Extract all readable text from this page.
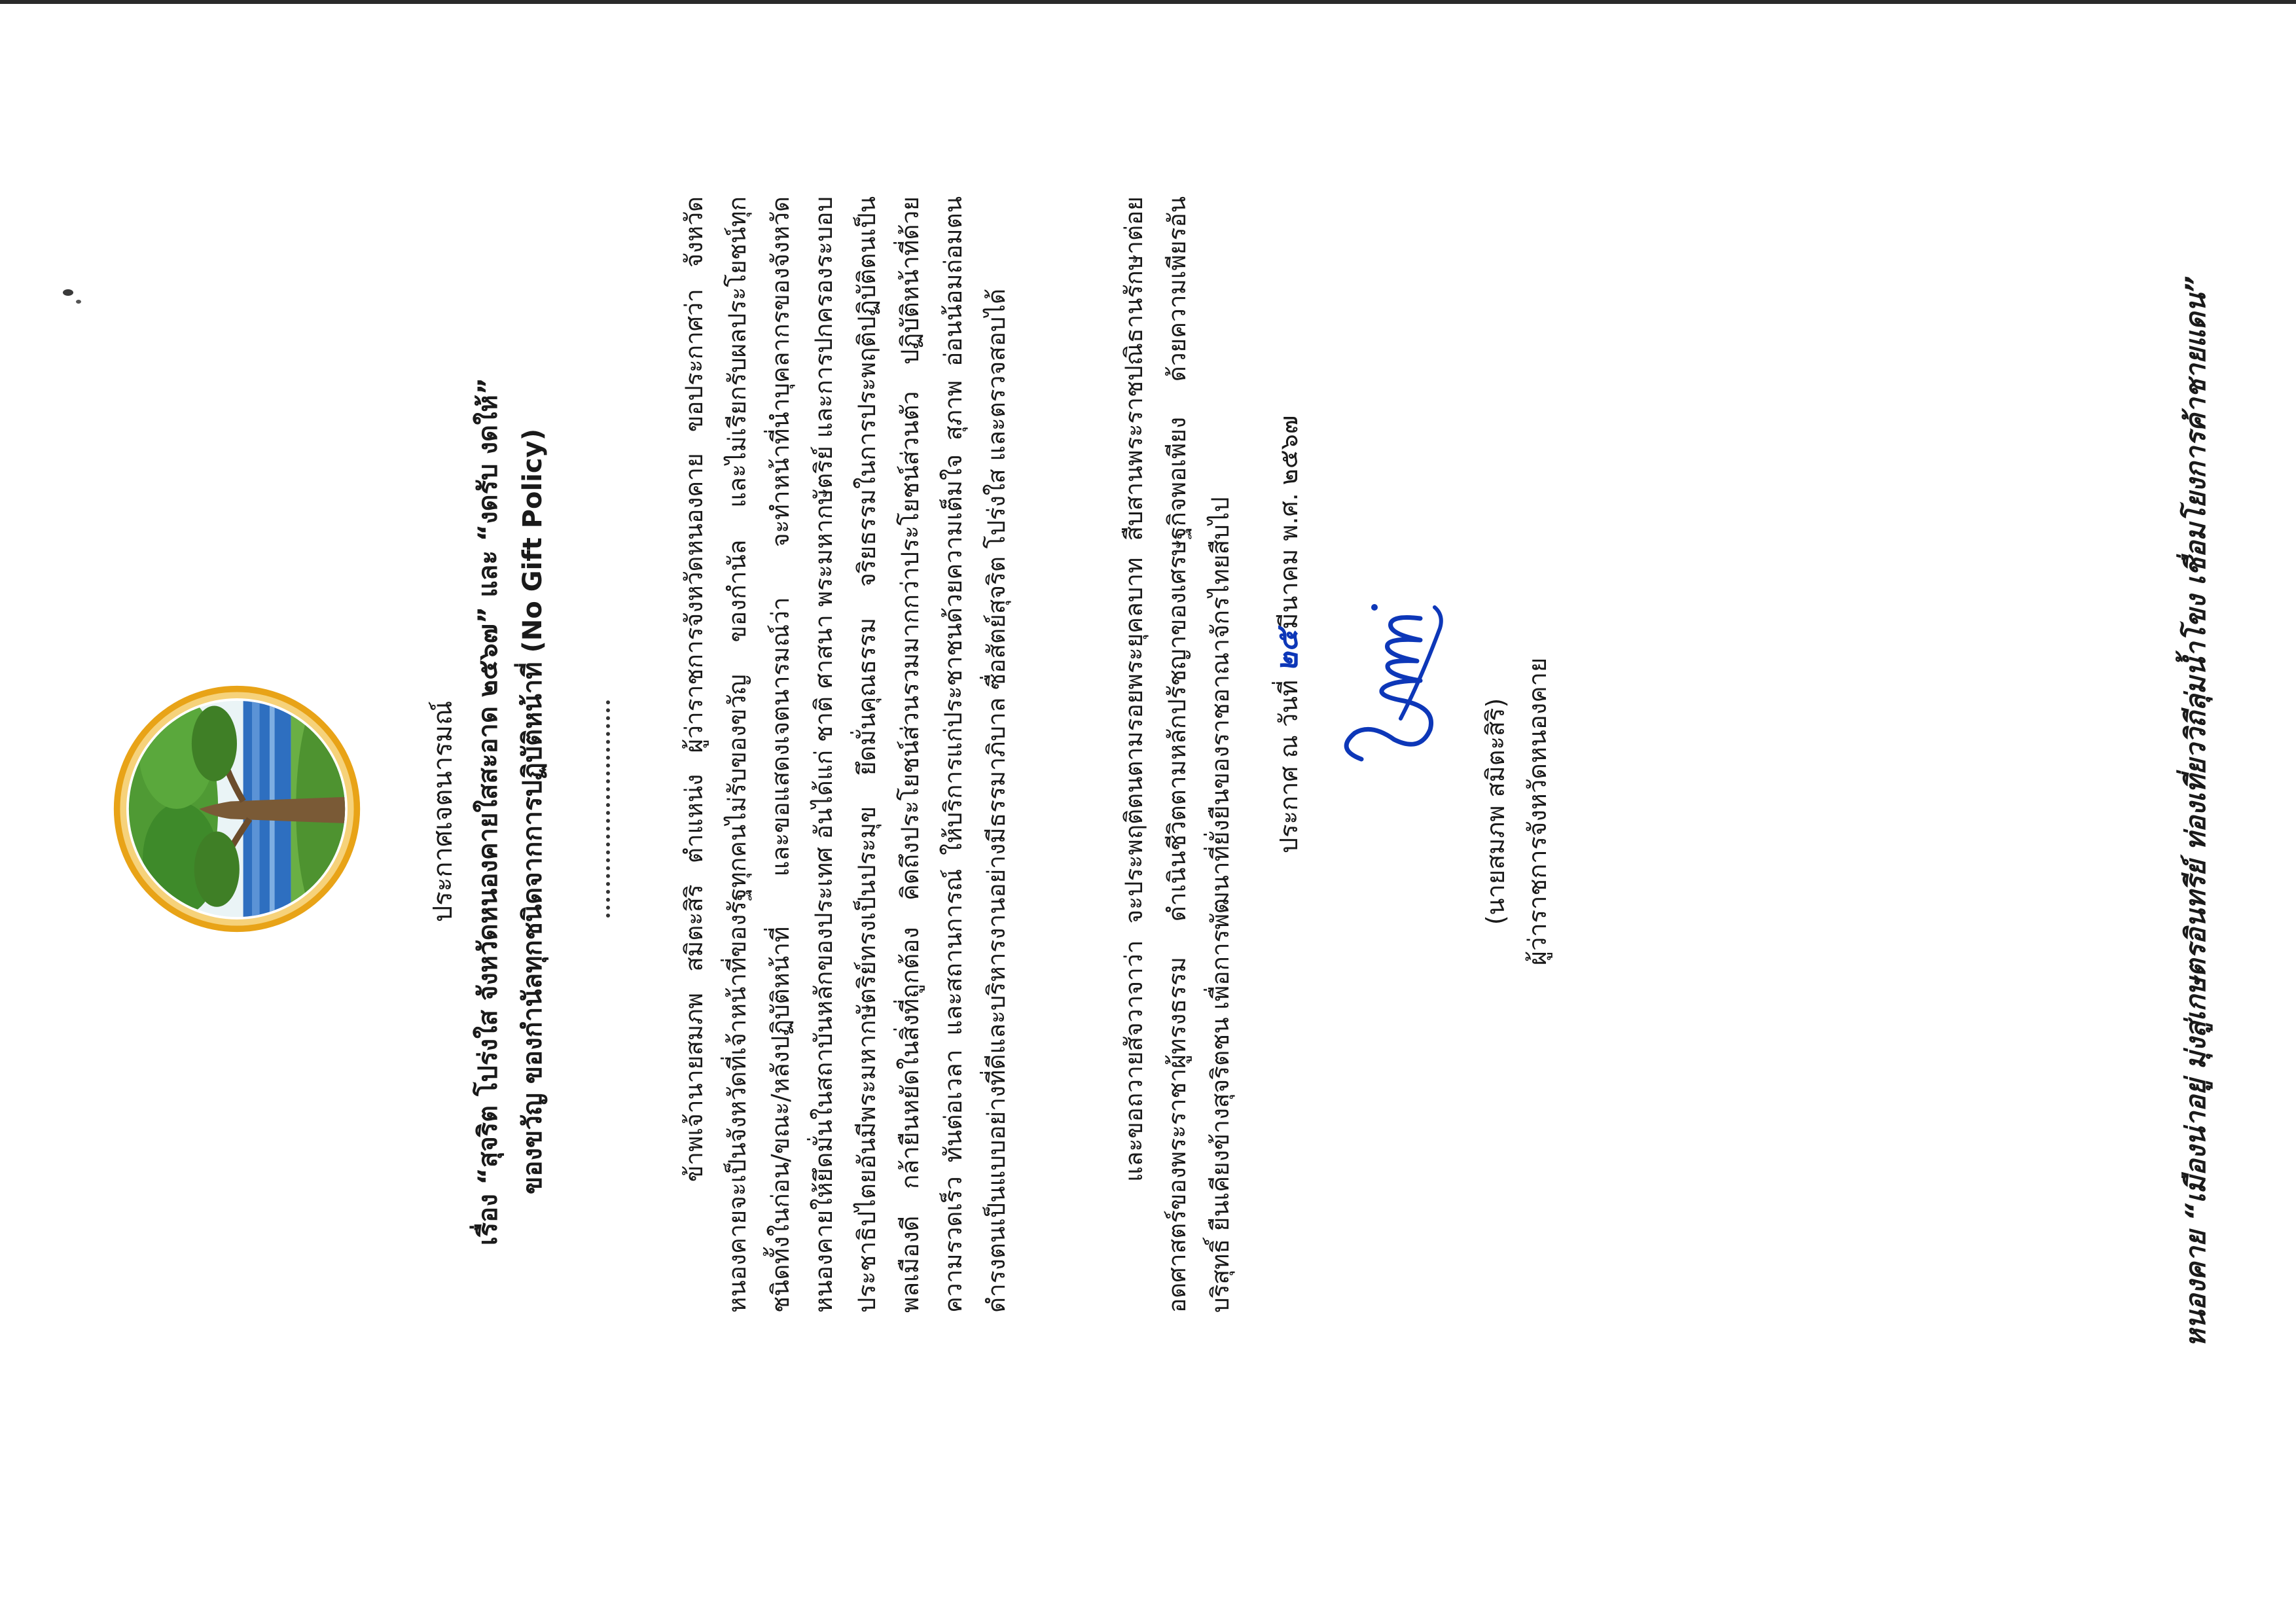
ประกาศเจตนารมณ์ เรื่อง “สุจริต โปร่งใส จังหวัดหนองคายใสสะอาด ๒๕๖๗” และ “งดรับ งดให้” ของขวัญ ของกำนัลทุกชนิดจากการปฏิบัติหน้าที่ (No Gift Policy)	ข้าพเจ้านายสมภพ สมิตะสิริ ตำแหน่ง ผู้ว่าราชการจังหวัดหนองคาย ขอประกาศว่า จังหวัดหนองคายจะเป็นจังหวัดที่เจ้าหน้าที่ของรัฐทุกคนไม่รับของขวัญ ของกำนัล และไม่เรียกรับผลประโยชน์ทุกชนิดทั้งในก่อน/ขณะ/หลังปฏิบัติหน้าที่ และขอแสดงเจตนารมณ์ว่า จะทำหน้าที่นำบุคลากรของจังหวัดหนองคายให้ยึดมั่นในสถาบันหลักของประเทศ อันได้แก่ ชาติ ศาสนา พระมหากษัตริย์ และการปกครองระบอบประชาธิปไตยอันมีพระมหากษัตริย์ทรงเป็นประมุข ยึดมั่นคุณธรรม จริยธรรมในการประพฤติปฏิบัติตนเป็นพลเมืองดี กล้ายืนหยัดในสิ่งที่ถูกต้อง คิดถึงประโยชน์ส่วนรวมมากกว่าประโยชน์ส่วนตัว ปฏิบัติหน้าที่ด้วยความรวดเร็ว ทันต่อเวลา และสถานการณ์ ให้บริการแก่ประชาชนด้วยความเต็มใจ สุภาพ อ่อนน้อมถ่อมตน ดำรงตนเป็นแบบอย่างที่ดีและบริหารงานอย่างมีธรรมาภิบาล ซื่อสัตย์สุจริต โปร่งใส และตรวจสอบได้	และขอถวายสัจวาจาว่า จะประพฤติตนตามรอยพระยุคลบาท สืบสานพระราชปณิธานรักษาต่อยอดศาสตร์ของพระราชาผู้ทรงธรรม ดำเนินชีวิตตามหลักปรัชญาของเศรษฐกิจพอเพียง ด้วยความเพียรอันบริสุทธิ์ ยืนเคียงข้างสุจริตชน เพื่อการพัฒนาที่ยั่งยืนของราชอาณาจักรไทยสืบไป	ประกาศ ณ วันที่ ๒๕มีนาคม พ.ศ. ๒๕๖๗
(นายสมภพ สมิตะสิริ) ผู้ว่าราชการจังหวัดหนองคาย	หนองคาย “เมืองน่าอยู่ มุ่งสู่เกษตรอินทรีย์ ท่องเที่ยววิถีลุ่มน้ำโขง เชื่อมโยงการค้าชายแดน”
